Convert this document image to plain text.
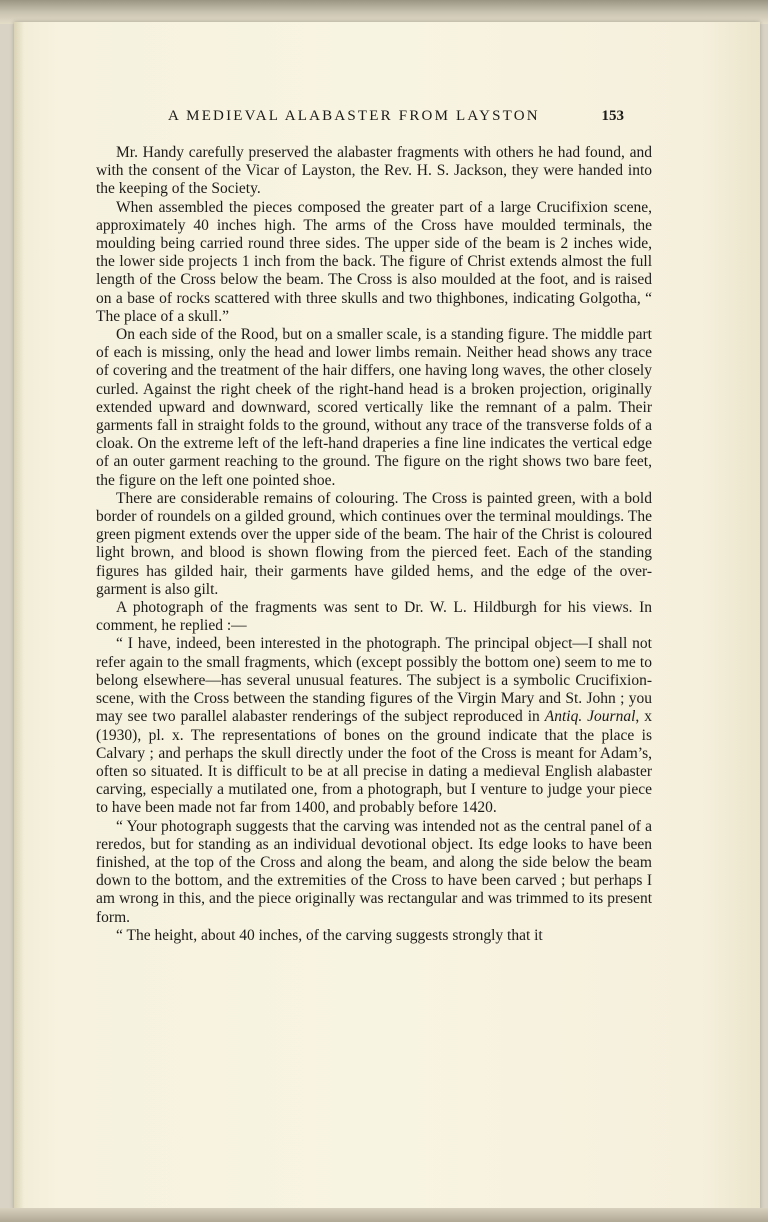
A MEDIEVAL ALABASTER FROM LAYSTON	153

Mr. Handy carefully preserved the alabaster fragments with others he had found, and with the consent of the Vicar of Layston, the Rev. H. S. Jackson, they were handed into the keeping of the Society.

When assembled the pieces composed the greater part of a large Crucifixion scene, approximately 40 inches high. The arms of the Cross have moulded terminals, the moulding being carried round three sides. The upper side of the beam is 2 inches wide, the lower side projects 1 inch from the back. The figure of Christ extends almost the full length of the Cross below the beam. The Cross is also moulded at the foot, and is raised on a base of rocks scattered with three skulls and two thighbones, indicating Golgotha, “ The place of a skull.”

On each side of the Rood, but on a smaller scale, is a standing figure. The middle part of each is missing, only the head and lower limbs remain. Neither head shows any trace of covering and the treatment of the hair differs, one having long waves, the other closely curled. Against the right cheek of the right-hand head is a broken projection, originally extended upward and downward, scored vertically like the remnant of a palm. Their garments fall in straight folds to the ground, without any trace of the transverse folds of a cloak. On the extreme left of the left-hand draperies a fine line indicates the vertical edge of an outer garment reaching to the ground. The figure on the right shows two bare feet, the figure on the left one pointed shoe.

There are considerable remains of colouring. The Cross is painted green, with a bold border of roundels on a gilded ground, which continues over the terminal mouldings. The green pigment extends over the upper side of the beam. The hair of the Christ is coloured light brown, and blood is shown flowing from the pierced feet. Each of the standing figures has gilded hair, their garments have gilded hems, and the edge of the over-garment is also gilt.

A photograph of the fragments was sent to Dr. W. L. Hildburgh for his views. In comment, he replied :—

“ I have, indeed, been interested in the photograph. The principal object—I shall not refer again to the small fragments, which (except possibly the bottom one) seem to me to belong elsewhere—has several unusual features. The subject is a symbolic Crucifixion-scene, with the Cross between the standing figures of the Virgin Mary and St. John ; you may see two parallel alabaster renderings of the subject reproduced in Antiq. Journal, x (1930), pl. x. The representations of bones on the ground indicate that the place is Calvary ; and perhaps the skull directly under the foot of the Cross is meant for Adam’s, often so situated. It is difficult to be at all precise in dating a medieval English alabaster carving, especially a mutilated one, from a photograph, but I venture to judge your piece to have been made not far from 1400, and probably before 1420.

“ Your photograph suggests that the carving was intended not as the central panel of a reredos, but for standing as an individual devotional object. Its edge looks to have been finished, at the top of the Cross and along the beam, and along the side below the beam down to the bottom, and the extremities of the Cross to have been carved ; but perhaps I am wrong in this, and the piece originally was rectangular and was trimmed to its present form.

“ The height, about 40 inches, of the carving suggests strongly that it
